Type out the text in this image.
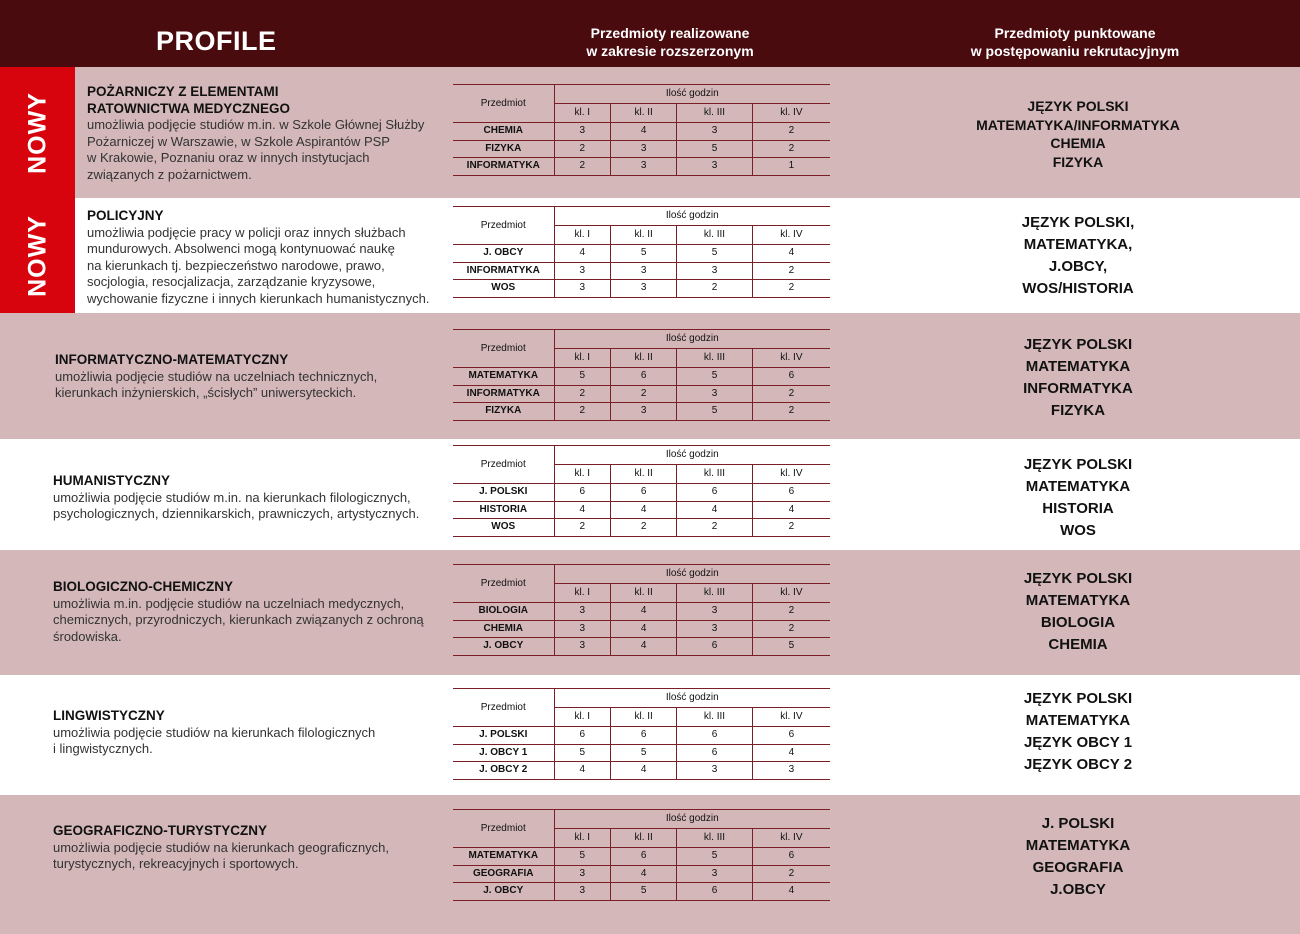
PROFILE	Przedmioty realizowane
w zakresie rozszerzonym
Przedmioty punktowane
w postępowaniu rekrutacyjnym
NOWY
NOWY
POŻARNICZY Z ELEMENTAMI
RATOWNICTWA MEDYCZNEGO
umożliwia podjęcie studiów m.in. w Szkole Głównej Służby
Pożarniczej w Warszawie, w Szkole Aspirantów PSP
w Krakowie, Poznaniu oraz w innych instytucjach
związanych z pożarnictwem.
Przedmiot	Ilość godzin			
	kl. I	kl. II	kl. III	kl. IV
CHEMIA	3	4	3	2
FIZYKA	2	3	5	2
INFORMATYKA	2	3	3	1
JĘZYK POLSKI
MATEMATYKA/INFORMATYKA
CHEMIA
FIZYKA
POLICYJNY
umożliwia podjęcie pracy w policji oraz innych służbach
mundurowych. Absolwenci mogą kontynuować naukę
na kierunkach tj. bezpieczeństwo narodowe, prawo,
socjologia, resocjalizacja, zarządzanie kryzysowe,
wychowanie fizyczne i innych kierunkach humanistycznych.
Przedmiot	Ilość godzin			
	kl. I	kl. II	kl. III	kl. IV
J. OBCY	4	5	5	4
INFORMATYKA	3	3	3	2
WOS	3	3	2	2
JĘZYK POLSKI,
MATEMATYKA,
J.OBCY,
WOS/HISTORIA
INFORMATYCZNO-MATEMATYCZNY
umożliwia podjęcie studiów na uczelniach technicznych,
kierunkach inżynierskich, „ścisłych” uniwersyteckich.
Przedmiot	Ilość godzin			
	kl. I	kl. II	kl. III	kl. IV
MATEMATYKA	5	6	5	6
INFORMATYKA	2	2	3	2
FIZYKA	2	3	5	2
JĘZYK POLSKI
MATEMATYKA
INFORMATYKA
FIZYKA
HUMANISTYCZNY
umożliwia podjęcie studiów m.in. na kierunkach filologicznych,
psychologicznych, dziennikarskich, prawniczych, artystycznych.
Przedmiot	Ilość godzin			
	kl. I	kl. II	kl. III	kl. IV
J. POLSKI	6	6	6	6
HISTORIA	4	4	4	4
WOS	2	2	2	2
JĘZYK POLSKI
MATEMATYKA
HISTORIA
WOS
BIOLOGICZNO-CHEMICZNY
umożliwia m.in. podjęcie studiów na uczelniach medycznych,
chemicznych, przyrodniczych, kierunkach związanych z ochroną
środowiska.
Przedmiot	Ilość godzin			
	kl. I	kl. II	kl. III	kl. IV
BIOLOGIA	3	4	3	2
CHEMIA	3	4	3	2
J. OBCY	3	4	6	5
JĘZYK POLSKI
MATEMATYKA
BIOLOGIA
CHEMIA
LINGWISTYCZNY
umożliwia podjęcie studiów na kierunkach filologicznych
i lingwistycznych.
Przedmiot	Ilość godzin			
	kl. I	kl. II	kl. III	kl. IV
J. POLSKI	6	6	6	6
J. OBCY 1	5	5	6	4
J. OBCY 2	4	4	3	3
JĘZYK POLSKI
MATEMATYKA
JĘZYK OBCY 1
JĘZYK OBCY 2
GEOGRAFICZNO-TURYSTYCZNY
umożliwia podjęcie studiów na kierunkach geograficznych,
turystycznych, rekreacyjnych i sportowych.
Przedmiot	Ilość godzin			
	kl. I	kl. II	kl. III	kl. IV
MATEMATYKA	5	6	5	6
GEOGRAFIA	3	4	3	2
J. OBCY	3	5	6	4
J. POLSKI
MATEMATYKA
GEOGRAFIA
J.OBCY
